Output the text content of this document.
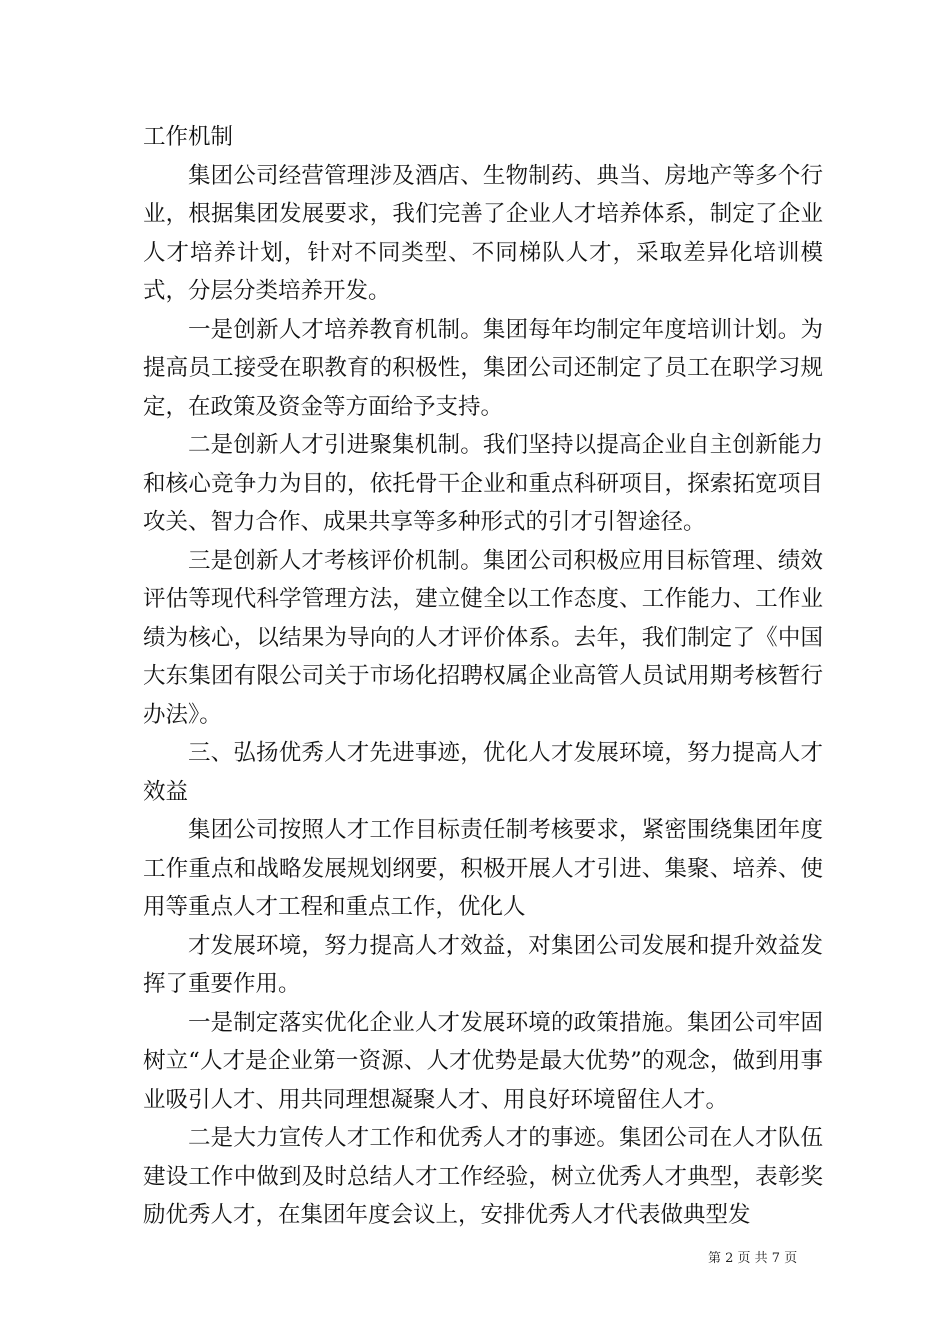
工作机制

集团公司经营管理涉及酒店、生物制药、典当、房地产等多个行业，根据集团发展要求，我们完善了企业人才培养体系，制定了企业人才培养计划，针对不同类型、不同梯队人才，采取差异化培训模式，分层分类培养开发。

一是创新人才培养教育机制。集团每年均制定年度培训计划。为提高员工接受在职教育的积极性，集团公司还制定了员工在职学习规定，在政策及资金等方面给予支持。

二是创新人才引进聚集机制。我们坚持以提高企业自主创新能力和核心竞争力为目的，依托骨干企业和重点科研项目，探索拓宽项目攻关、智力合作、成果共享等多种形式的引才引智途径。

三是创新人才考核评价机制。集团公司积极应用目标管理、绩效评估等现代科学管理方法，建立健全以工作态度、工作能力、工作业绩为核心，以结果为导向的人才评价体系。去年，我们制定了《中国大东集团有限公司关于市场化招聘权属企业高管人员试用期考核暂行办法》。

三、弘扬优秀人才先进事迹，优化人才发展环境，努力提高人才效益

集团公司按照人才工作目标责任制考核要求，紧密围绕集团年度工作重点和战略发展规划纲要，积极开展人才引进、集聚、培养、使用等重点人才工程和重点工作，优化人

才发展环境，努力提高人才效益，对集团公司发展和提升效益发挥了重要作用。

一是制定落实优化企业人才发展环境的政策措施。集团公司牢固树立“人才是企业第一资源、人才优势是最大优势”的观念，做到用事业吸引人才、用共同理想凝聚人才、用良好环境留住人才。

二是大力宣传人才工作和优秀人才的事迹。集团公司在人才队伍建设工作中做到及时总结人才工作经验，树立优秀人才典型，表彰奖励优秀人才，在集团年度会议上，安排优秀人才代表做典型发

第 2 页 共 7 页
